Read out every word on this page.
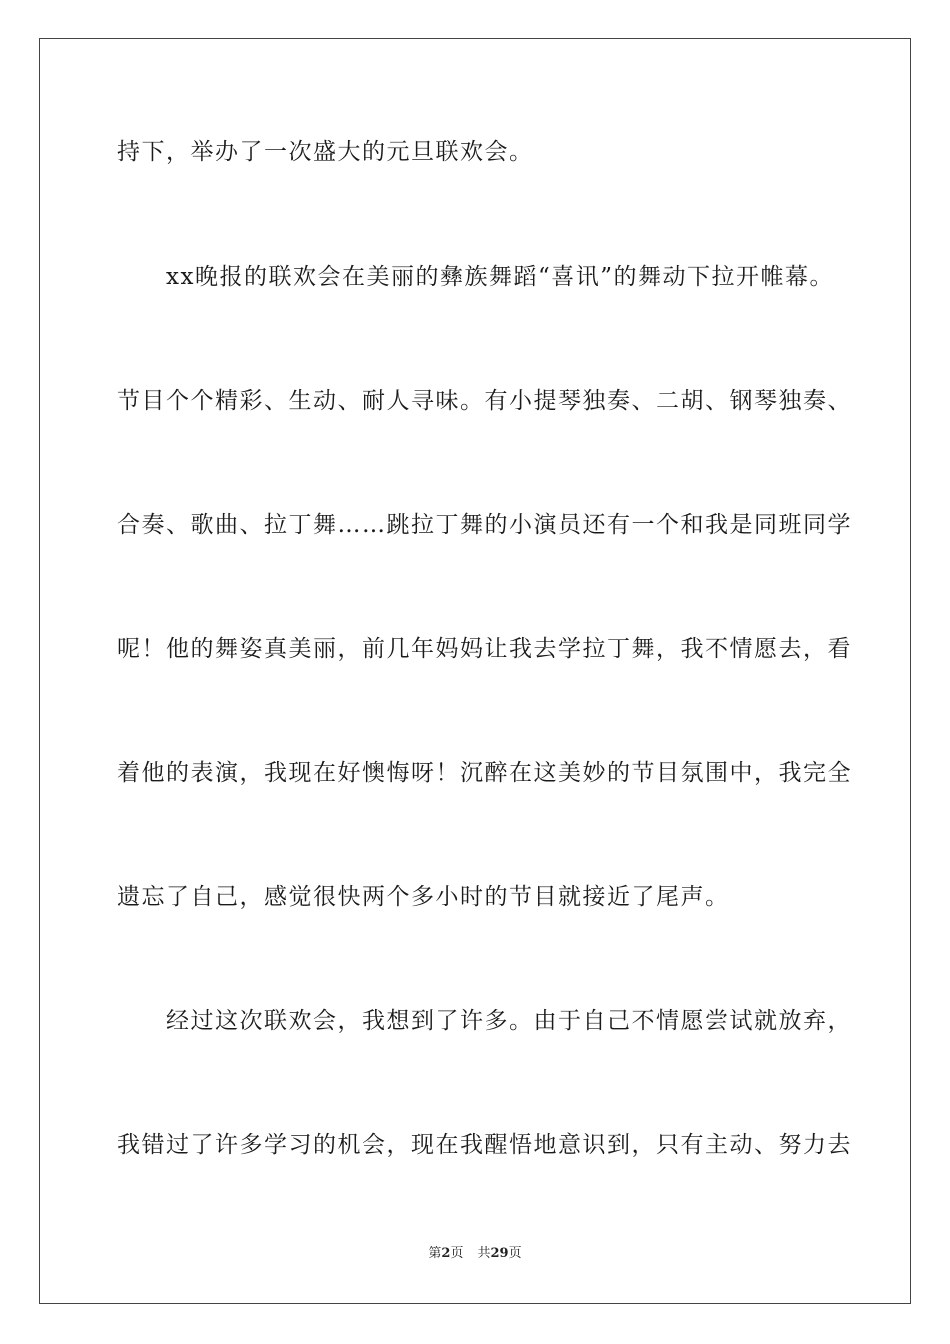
持下，举办了一次盛大的元旦联欢会。
　　xx晚报的联欢会在美丽的彝族舞蹈“喜讯”的舞动下拉开帷幕。
节目个个精彩、生动、耐人寻味。有小提琴独奏、二胡、钢琴独奏、
合奏、歌曲、拉丁舞……跳拉丁舞的小演员还有一个和我是同班同学
呢！他的舞姿真美丽，前几年妈妈让我去学拉丁舞，我不情愿去，看
着他的表演，我现在好懊悔呀！沉醉在这美妙的节目氛围中，我完全
遗忘了自己，感觉很快两个多小时的节目就接近了尾声。
　　经过这次联欢会，我想到了许多。由于自己不情愿尝试就放弃，
我错过了许多学习的机会，现在我醒悟地意识到，只有主动、努力去
第2页 共29页
